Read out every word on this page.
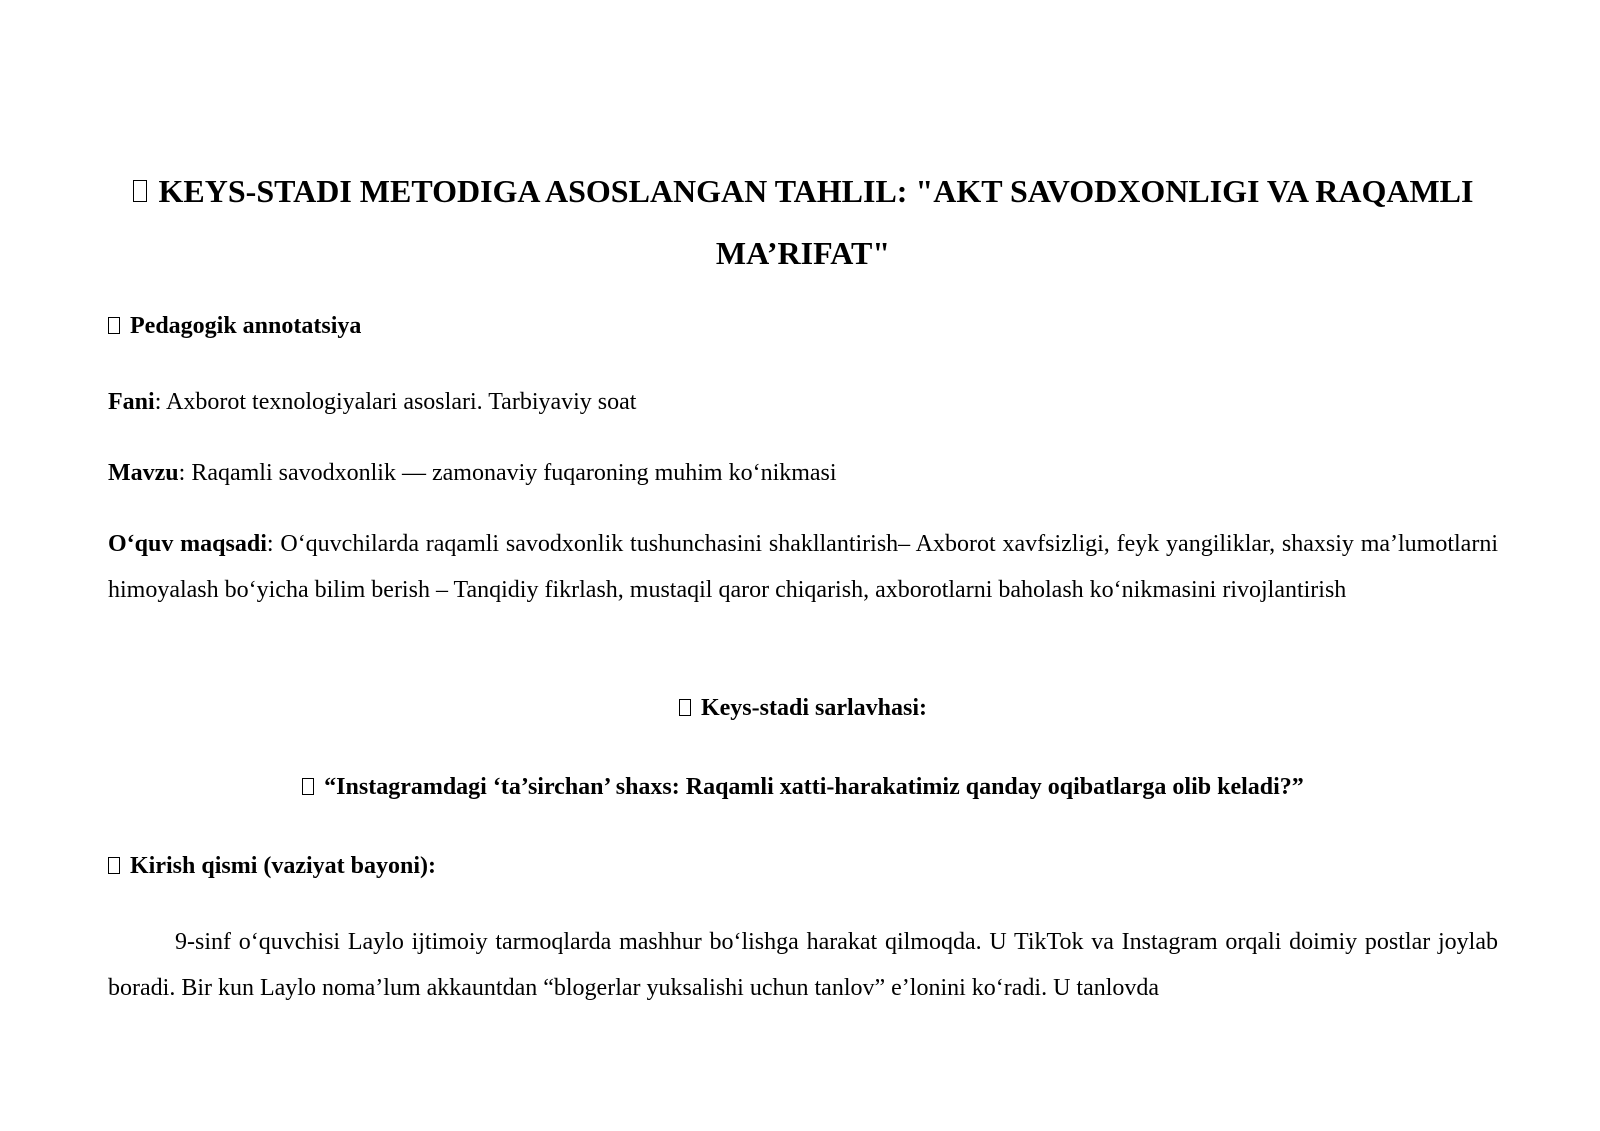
KEYS-STADI METODIGA ASOSLANGAN TAHLIL: "AKT SAVODXONLIGI VA RAQAMLI MA’RIFAT"
Pedagogik annotatsiya
Fani: Axborot texnologiyalari asoslari. Tarbiyaviy soat
Mavzu: Raqamli savodxonlik — zamonaviy fuqaroning muhim ko‘nikmasi
O‘quv maqsadi: O‘quvchilarda raqamli savodxonlik tushunchasini shakllantirish– Axborot xavfsizligi, feyk yangiliklar, shaxsiy ma’lumotlarni himoyalash bo‘yicha bilim berish – Tanqidiy fikrlash, mustaqil qaror chiqarish, axborotlarni baholash ko‘nikmasini rivojlantirish
Keys-stadi sarlavhasi:
“Instagramdagi ‘ta’sirchan’ shaxs: Raqamli xatti-harakatimiz qanday oqibatlarga olib keladi?”
Kirish qismi (vaziyat bayoni):
9-sinf o‘quvchisi Laylo ijtimoiy tarmoqlarda mashhur bo‘lishga harakat qilmoqda. U TikTok va Instagram orqali doimiy postlar joylab boradi. Bir kun Laylo noma’lum akkauntdan “blogerlar yuksalishi uchun tanlov” e’lonini ko‘radi. U tanlovda
